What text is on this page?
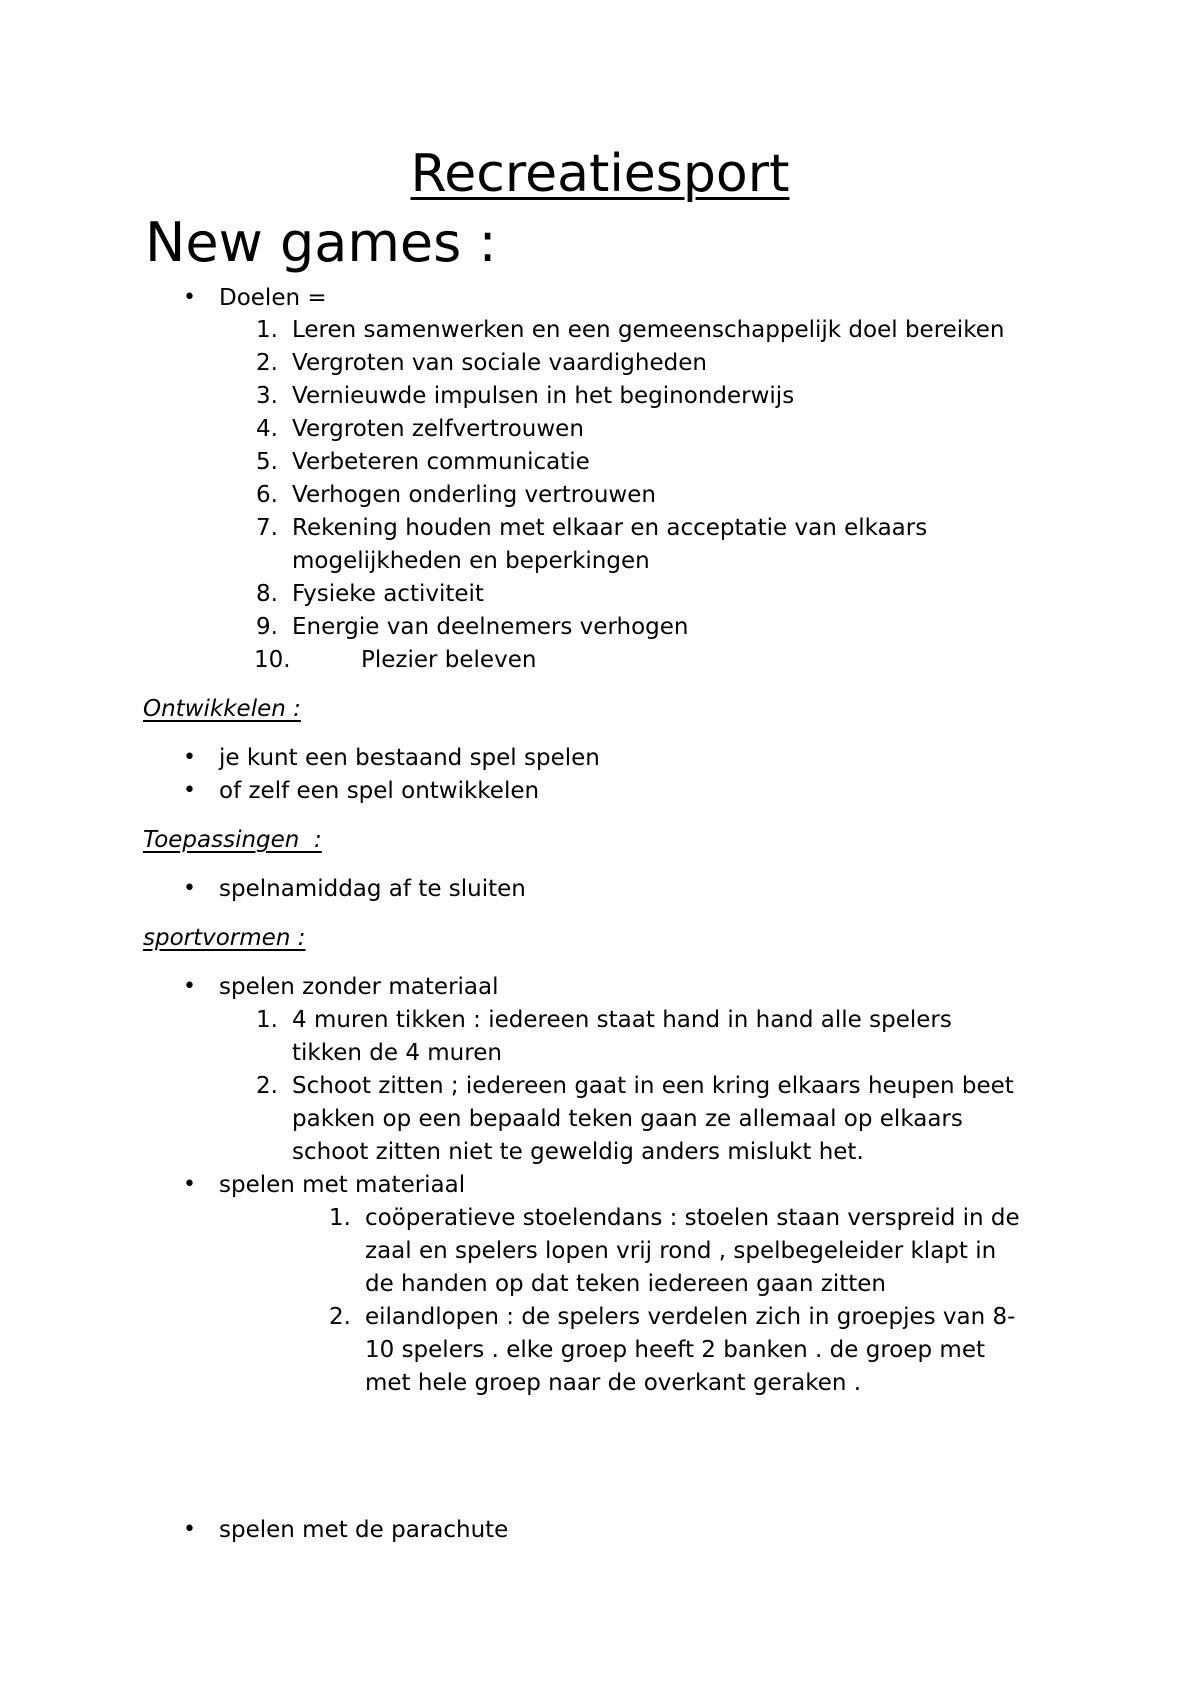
Recreatiesport
New games :
• Doelen =
1. Leren samenwerken en een gemeenschappelijk doel bereiken
2. Vergroten van sociale vaardigheden
3. Vernieuwde impulsen in het beginonderwijs
4. Vergroten zelfvertrouwen
5. Verbeteren communicatie
6. Verhogen onderling vertrouwen
7. Rekening houden met elkaar en acceptatie van elkaars
mogelijkheden en beperkingen
8. Fysieke activiteit
9. Energie van deelnemers verhogen
10.	Plezier beleven
Ontwikkelen :
• je kunt een bestaand spel spelen
• of zelf een spel ontwikkelen
Toepassingen  :
• spelnamiddag af te sluiten
sportvormen :
• spelen zonder materiaal
1. 4 muren tikken : iedereen staat hand in hand alle spelers
tikken de 4 muren
2. Schoot zitten ; iedereen gaat in een kring elkaars heupen beet
pakken op een bepaald teken gaan ze allemaal op elkaars
schoot zitten niet te geweldig anders mislukt het.
• spelen met materiaal
1. coöperatieve stoelendans : stoelen staan verspreid in de
zaal en spelers lopen vrij rond , spelbegeleider klapt in
de handen op dat teken iedereen gaan zitten
2. eilandlopen : de spelers verdelen zich in groepjes van 8-
10 spelers . elke groep heeft 2 banken . de groep met
met hele groep naar de overkant geraken .
• spelen met de parachute
